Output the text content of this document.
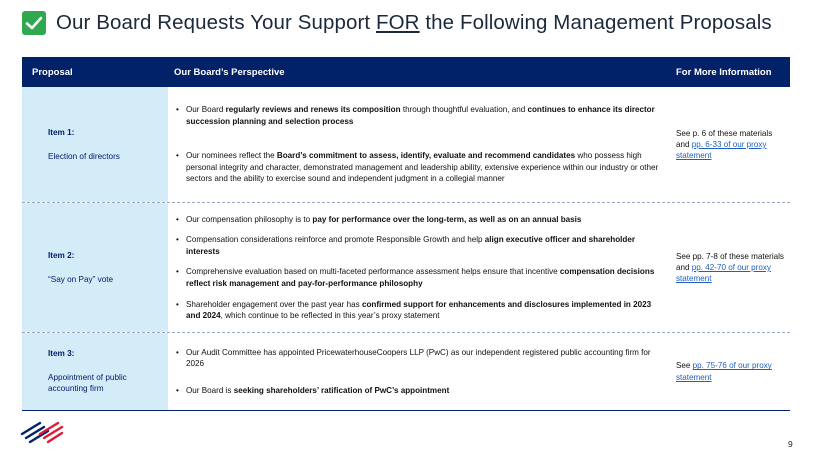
Our Board Requests Your Support FOR the Following Management Proposals
Proposal	Our Board’s Perspective	For More Information
Item 1:
Election of directors
• Our Board regularly reviews and renews its composition through thoughtful evaluation, and continues to enhance its director succession planning and selection process
• Our nominees reflect the Board’s commitment to assess, identify, evaluate and recommend candidates who possess high personal integrity and character, demonstrated management and leadership ability, extensive experience within our industry or other sectors and the ability to exercise sound and independent judgment in a collegial manner
See p. 6 of these materials and pp. 6-33 of our proxy statement
Item 2:
“Say on Pay” vote
• Our compensation philosophy is to pay for performance over the long-term, as well as on an annual basis
• Compensation considerations reinforce and promote Responsible Growth and help align executive officer and shareholder interests
• Comprehensive evaluation based on multi-faceted performance assessment helps ensure that incentive compensation decisions reflect risk management and pay-for-performance philosophy
• Shareholder engagement over the past year has confirmed support for enhancements and disclosures implemented in 2023 and 2024, which continue to be reflected in this year’s proxy statement
See pp. 7-8 of these materials and pp. 42-70 of our proxy statement
Item 3:
Appointment of public accounting firm
• Our Audit Committee has appointed PricewaterhouseCoopers LLP (PwC) as our independent registered public accounting firm for 2026
• Our Board is seeking shareholders’ ratification of PwC’s appointment
See pp. 75-76 of our proxy statement
9
